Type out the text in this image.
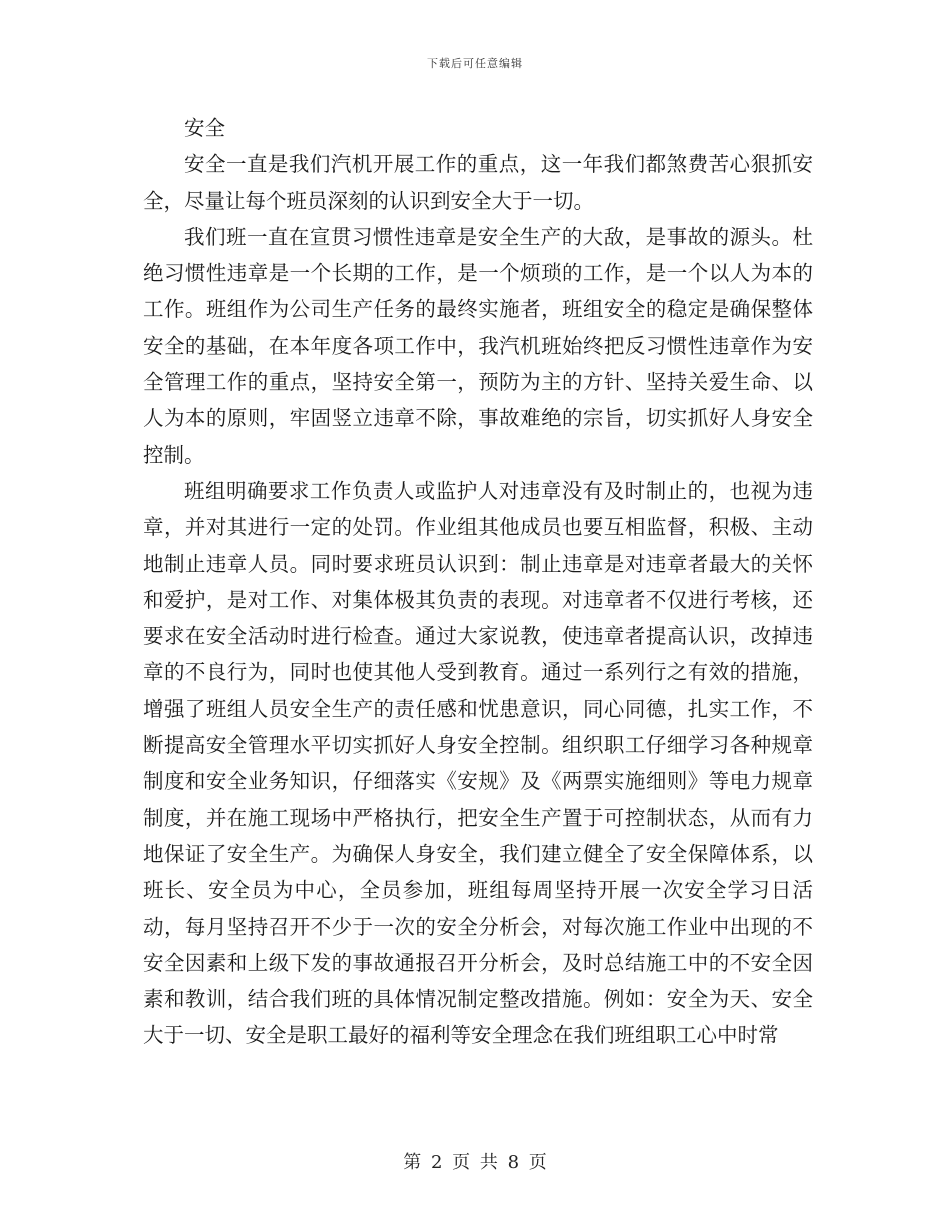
下载后可任意编辑

安全

安全一直是我们汽机开展工作的重点，这一年我们都煞费苦心狠抓安全，尽量让每个班员深刻的认识到安全大于一切。

我们班一直在宣贯习惯性违章是安全生产的大敌，是事故的源头。杜绝习惯性违章是一个长期的工作，是一个烦琐的工作，是一个以人为本的工作。班组作为公司生产任务的最终实施者，班组安全的稳定是确保整体安全的基础，在本年度各项工作中，我汽机班始终把反习惯性违章作为安全管理工作的重点，坚持安全第一，预防为主的方针、坚持关爱生命、以人为本的原则，牢固竖立违章不除，事故难绝的宗旨，切实抓好人身安全控制。

班组明确要求工作负责人或监护人对违章没有及时制止的，也视为违章，并对其进行一定的处罚。作业组其他成员也要互相监督，积极、主动地制止违章人员。同时要求班员认识到：制止违章是对违章者最大的关怀和爱护，是对工作、对集体极其负责的表现。对违章者不仅进行考核，还要求在安全活动时进行检查。通过大家说教，使违章者提高认识，改掉违章的不良行为，同时也使其他人受到教育。通过一系列行之有效的措施，增强了班组人员安全生产的责任感和忧患意识，同心同德，扎实工作，不断提高安全管理水平切实抓好人身安全控制。组织职工仔细学习各种规章制度和安全业务知识，仔细落实《安规》及《两票实施细则》等电力规章制度，并在施工现场中严格执行，把安全生产置于可控制状态，从而有力地保证了安全生产。为确保人身安全，我们建立健全了安全保障体系，以班长、安全员为中心，全员参加，班组每周坚持开展一次安全学习日活动，每月坚持召开不少于一次的安全分析会，对每次施工作业中出现的不安全因素和上级下发的事故通报召开分析会，及时总结施工中的不安全因素和教训，结合我们班的具体情况制定整改措施。例如：安全为天、安全大于一切、安全是职工最好的福利等安全理念在我们班组职工心中时常

第 2 页 共 8 页
